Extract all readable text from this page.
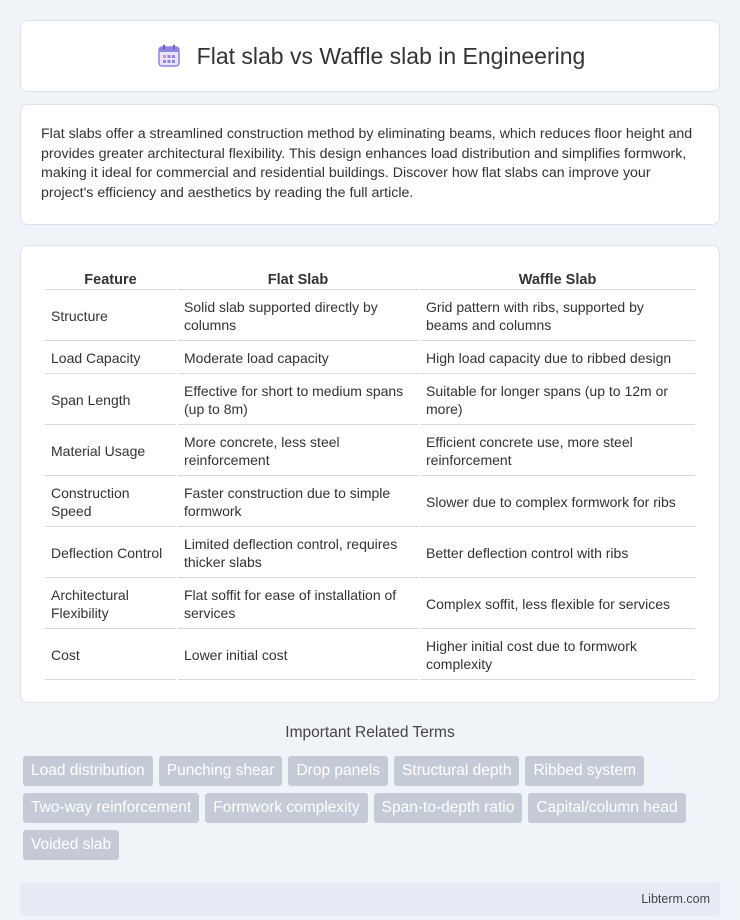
Flat slab vs Waffle slab in Engineering

Flat slabs offer a streamlined construction method by eliminating beams, which reduces floor height and provides greater architectural flexibility. This design enhances load distribution and simplifies formwork, making it ideal for commercial and residential buildings. Discover how flat slabs can improve your project's efficiency and aesthetics by reading the full article.

Feature	Flat Slab	Waffle Slab
Structure	Solid slab supported directly by columns	Grid pattern with ribs, supported by beams and columns
Load Capacity	Moderate load capacity	High load capacity due to ribbed design
Span Length	Effective for short to medium spans (up to 8m)	Suitable for longer spans (up to 12m or more)
Material Usage	More concrete, less steel reinforcement	Efficient concrete use, more steel reinforcement
Construction Speed	Faster construction due to simple formwork	Slower due to complex formwork for ribs
Deflection Control	Limited deflection control, requires thicker slabs	Better deflection control with ribs
Architectural Flexibility	Flat soffit for ease of installation of services	Complex soffit, less flexible for services
Cost	Lower initial cost	Higher initial cost due to formwork complexity
Important Related Terms
Load distribution	Punching shear	Drop panels	Structural depth	Ribbed system
Two-way reinforcement	Formwork complexity	Span-to-depth ratio	Capital/column head
Voided slab
Libterm.com
